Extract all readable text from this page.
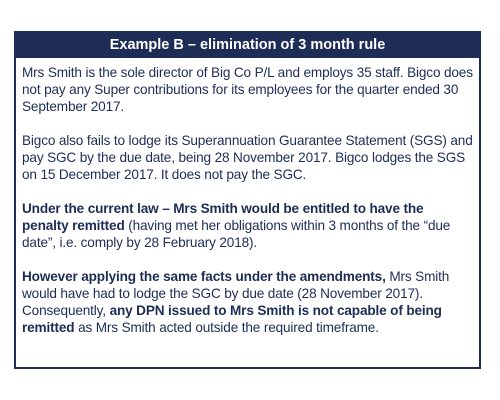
Example B – elimination of 3 month rule

Mrs Smith is the sole director of Big Co P/L and employs 35 staff. Bigco does not pay any Super contributions for its employees for the quarter ended 30 September 2017.

Bigco also fails to lodge its Superannuation Guarantee Statement (SGS) and pay SGC by the due date, being 28 November 2017. Bigco lodges the SGS on 15 December 2017. It does not pay the SGC.

Under the current law – Mrs Smith would be entitled to have the penalty remitted (having met her obligations within 3 months of the “due date”, i.e. comply by 28 February 2018).

However applying the same facts under the amendments, Mrs Smith would have had to lodge the SGC by due date (28 November 2017). Consequently, any DPN issued to Mrs Smith is not capable of being remitted as Mrs Smith acted outside the required timeframe.
